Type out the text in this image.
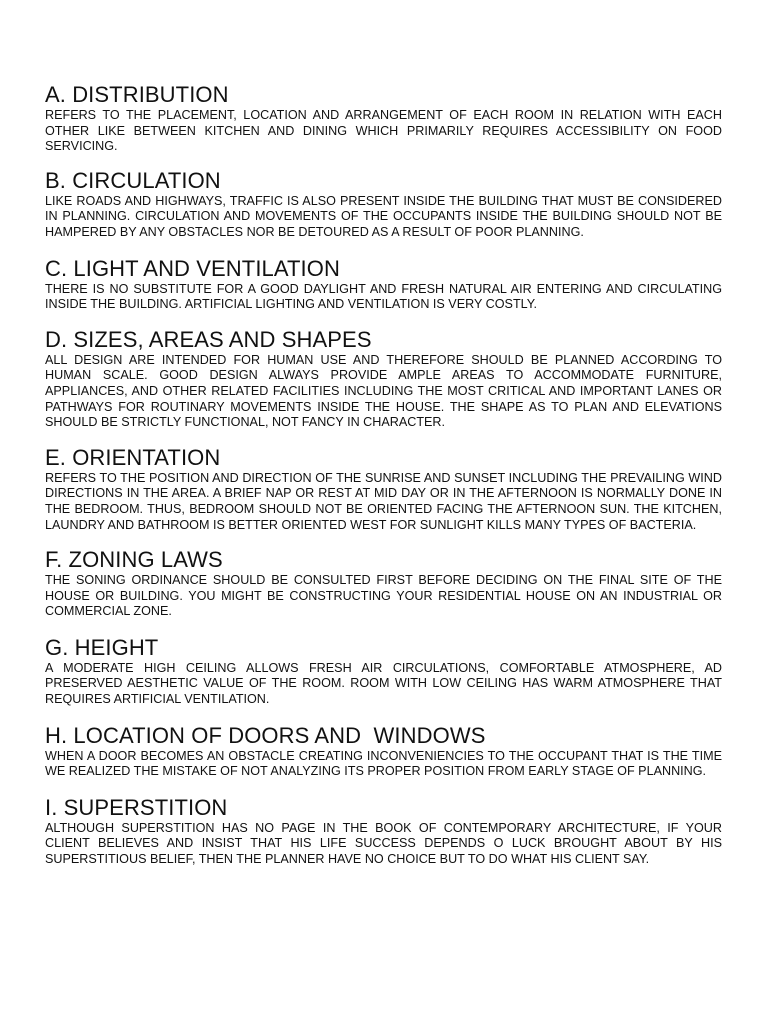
A. DISTRIBUTION

REFERS TO THE PLACEMENT, LOCATION AND ARRANGEMENT OF EACH ROOM IN RELATION WITH EACH OTHER LIKE BETWEEN KITCHEN AND DINING WHICH PRIMARILY REQUIRES ACCESSIBILITY ON FOOD SERVICING.

B. CIRCULATION

LIKE ROADS AND HIGHWAYS, TRAFFIC IS ALSO PRESENT INSIDE THE BUILDING THAT MUST BE CONSIDERED IN PLANNING. CIRCULATION AND MOVEMENTS OF THE OCCUPANTS INSIDE THE BUILDING SHOULD NOT BE HAMPERED BY ANY OBSTACLES NOR BE DETOURED AS A RESULT OF POOR PLANNING.

C. LIGHT AND VENTILATION

THERE IS NO SUBSTITUTE FOR A GOOD DAYLIGHT AND FRESH NATURAL AIR ENTERING AND CIRCULATING INSIDE THE BUILDING. ARTIFICIAL LIGHTING AND VENTILATION IS VERY COSTLY.

D. SIZES, AREAS AND SHAPES

ALL DESIGN ARE INTENDED FOR HUMAN USE AND THEREFORE SHOULD BE PLANNED ACCORDING TO HUMAN SCALE. GOOD DESIGN ALWAYS PROVIDE AMPLE AREAS TO ACCOMMODATE FURNITURE, APPLIANCES, AND OTHER RELATED FACILITIES INCLUDING THE MOST CRITICAL AND IMPORTANT LANES OR PATHWAYS FOR ROUTINARY MOVEMENTS INSIDE THE HOUSE. THE SHAPE AS TO PLAN AND ELEVATIONS SHOULD BE STRICTLY FUNCTIONAL, NOT FANCY IN CHARACTER.

E. ORIENTATION

REFERS TO THE POSITION AND DIRECTION OF THE SUNRISE AND SUNSET INCLUDING THE PREVAILING WIND DIRECTIONS IN THE AREA. A BRIEF NAP OR REST AT MID DAY OR IN THE AFTERNOON IS NORMALLY DONE IN THE BEDROOM. THUS, BEDROOM SHOULD NOT BE ORIENTED FACING THE AFTERNOON SUN. THE KITCHEN, LAUNDRY AND BATHROOM IS BETTER ORIENTED WEST FOR SUNLIGHT KILLS MANY TYPES OF BACTERIA.

F. ZONING LAWS

THE SONING ORDINANCE SHOULD BE CONSULTED FIRST BEFORE DECIDING ON THE FINAL SITE OF THE HOUSE OR BUILDING. YOU MIGHT BE CONSTRUCTING YOUR RESIDENTIAL HOUSE ON AN INDUSTRIAL OR COMMERCIAL ZONE.

G. HEIGHT

A MODERATE HIGH CEILING ALLOWS FRESH AIR CIRCULATIONS, COMFORTABLE ATMOSPHERE, AD PRESERVED AESTHETIC VALUE OF THE ROOM. ROOM WITH LOW CEILING HAS WARM ATMOSPHERE THAT REQUIRES ARTIFICIAL VENTILATION.

H. LOCATION OF DOORS AND  WINDOWS

WHEN A DOOR BECOMES AN OBSTACLE CREATING INCONVENIENCIES TO THE OCCUPANT THAT IS THE TIME WE REALIZED THE MISTAKE OF NOT ANALYZING ITS PROPER POSITION FROM EARLY STAGE OF PLANNING.

I. SUPERSTITION

ALTHOUGH SUPERSTITION HAS NO PAGE IN THE BOOK OF CONTEMPORARY ARCHITECTURE, IF YOUR CLIENT BELIEVES AND INSIST THAT HIS LIFE SUCCESS DEPENDS O LUCK BROUGHT ABOUT BY HIS SUPERSTITIOUS BELIEF, THEN THE PLANNER HAVE NO CHOICE BUT TO DO WHAT HIS CLIENT SAY.
